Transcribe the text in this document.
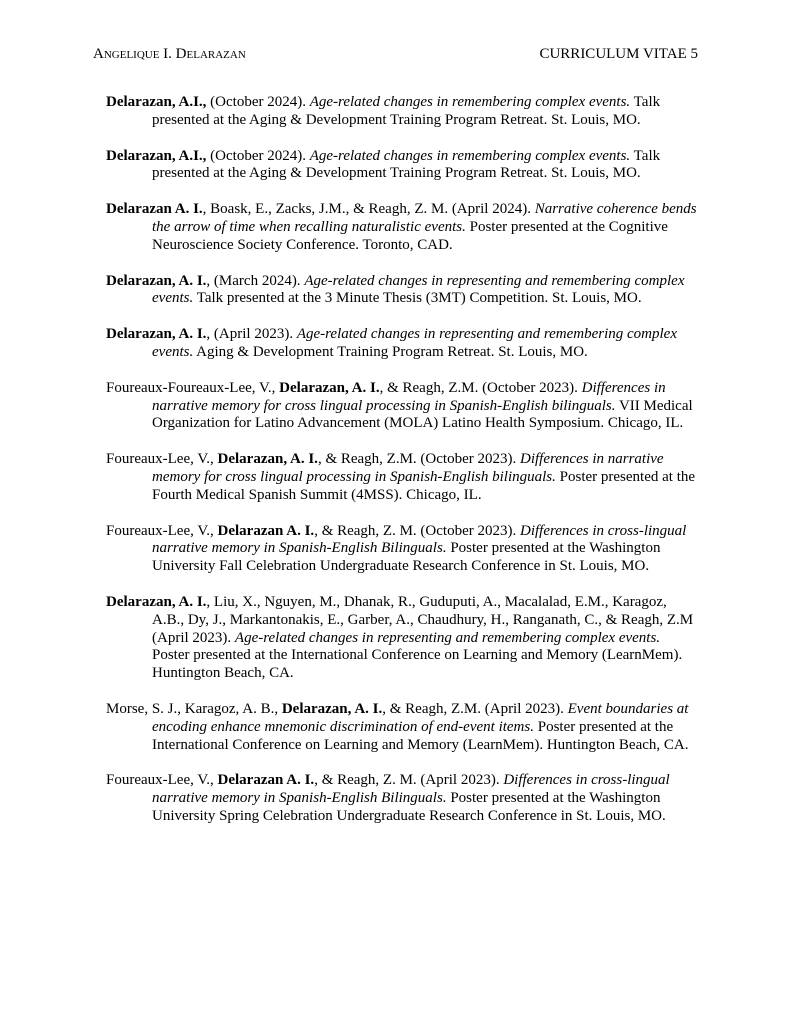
Angelique I. Delarazan	CURRICULUM VITAE 5

Delarazan, A.I., (October 2024). Age-related changes in remembering complex events. Talk presented at the Aging & Development Training Program Retreat. St. Louis, MO.

Delarazan, A.I., (October 2024). Age-related changes in remembering complex events. Talk presented at the Aging & Development Training Program Retreat. St. Louis, MO.

Delarazan A. I., Boask, E., Zacks, J.M., & Reagh, Z. M. (April 2024). Narrative coherence bends the arrow of time when recalling naturalistic events. Poster presented at the Cognitive Neuroscience Society Conference. Toronto, CAD.

Delarazan, A. I., (March 2024). Age-related changes in representing and remembering complex events. Talk presented at the 3 Minute Thesis (3MT) Competition. St. Louis, MO.

Delarazan, A. I., (April 2023). Age-related changes in representing and remembering complex events. Aging & Development Training Program Retreat. St. Louis, MO.

Foureaux-Foureaux-Lee, V., Delarazan, A. I., & Reagh, Z.M. (October 2023). Differences in narrative memory for cross lingual processing in Spanish-English bilinguals. VII Medical Organization for Latino Advancement (MOLA) Latino Health Symposium. Chicago, IL.

Foureaux-Lee, V., Delarazan, A. I., & Reagh, Z.M. (October 2023). Differences in narrative memory for cross lingual processing in Spanish-English bilinguals. Poster presented at the Fourth Medical Spanish Summit (4MSS). Chicago, IL.

Foureaux-Lee, V., Delarazan A. I., & Reagh, Z. M. (October 2023). Differences in cross-lingual narrative memory in Spanish-English Bilinguals. Poster presented at the Washington University Fall Celebration Undergraduate Research Conference in St. Louis, MO.

Delarazan, A. I., Liu, X., Nguyen, M., Dhanak, R., Guduputi, A., Macalalad, E.M., Karagoz, A.B., Dy, J., Markantonakis, E., Garber, A., Chaudhury, H., Ranganath, C., & Reagh, Z.M (April 2023). Age-related changes in representing and remembering complex events. Poster presented at the International Conference on Learning and Memory (LearnMem). Huntington Beach, CA.

Morse, S. J., Karagoz, A. B., Delarazan, A. I., & Reagh, Z.M. (April 2023). Event boundaries at encoding enhance mnemonic discrimination of end-event items. Poster presented at the International Conference on Learning and Memory (LearnMem). Huntington Beach, CA.

Foureaux-Lee, V., Delarazan A. I., & Reagh, Z. M. (April 2023). Differences in cross-lingual narrative memory in Spanish-English Bilinguals. Poster presented at the Washington University Spring Celebration Undergraduate Research Conference in St. Louis, MO.
